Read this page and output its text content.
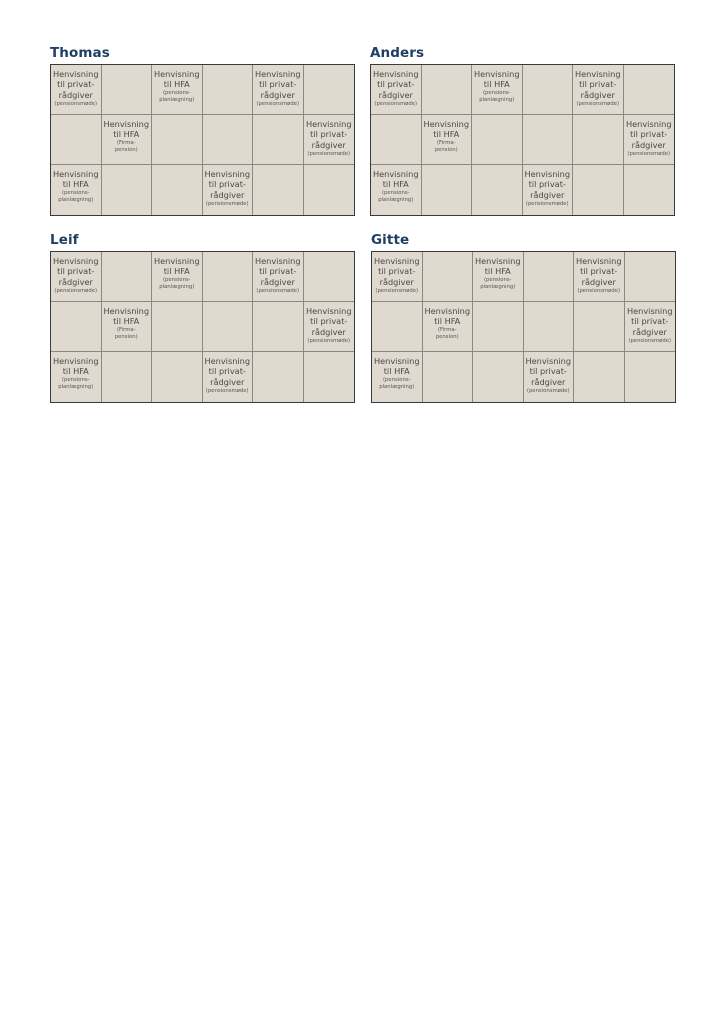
Thomas
Henvisning
til privat-
rådgiver
(pensionsmøde)
Henvisning
til HFA
(pensions-
planlægning)
Henvisning
til privat-
rådgiver
(pensionsmøde)
Henvisning
til HFA
(Firma-
pension)
Henvisning
til privat-
rådgiver
(pensionsmøde)
Henvisning
til HFA
(pensions-
planlægning)
Henvisning
til privat-
rådgiver
(pensionsmøde)
Anders
Henvisning
til privat-
rådgiver
(pensionsmøde)
Henvisning
til HFA
(pensions-
planlægning)
Henvisning
til privat-
rådgiver
(pensionsmøde)
Henvisning
til HFA
(Firma-
pension)
Henvisning
til privat-
rådgiver
(pensionsmøde)
Henvisning
til HFA
(pensions-
planlægning)
Henvisning
til privat-
rådgiver
(pensionsmøde)
Leif
Henvisning
til privat-
rådgiver
(pensionsmøde)
Henvisning
til HFA
(pensions-
planlægning)
Henvisning
til privat-
rådgiver
(pensionsmøde)
Henvisning
til HFA
(Firma-
pension)
Henvisning
til privat-
rådgiver
(pensionsmøde)
Henvisning
til HFA
(pensions-
planlægning)
Henvisning
til privat-
rådgiver
(pensionsmøde)
Gitte
Henvisning
til privat-
rådgiver
(pensionsmøde)
Henvisning
til HFA
(pensions-
planlægning)
Henvisning
til privat-
rådgiver
(pensionsmøde)
Henvisning
til HFA
(Firma-
pension)
Henvisning
til privat-
rådgiver
(pensionsmøde)
Henvisning
til HFA
(pensions-
planlægning)
Henvisning
til privat-
rådgiver
(pensionsmøde)
